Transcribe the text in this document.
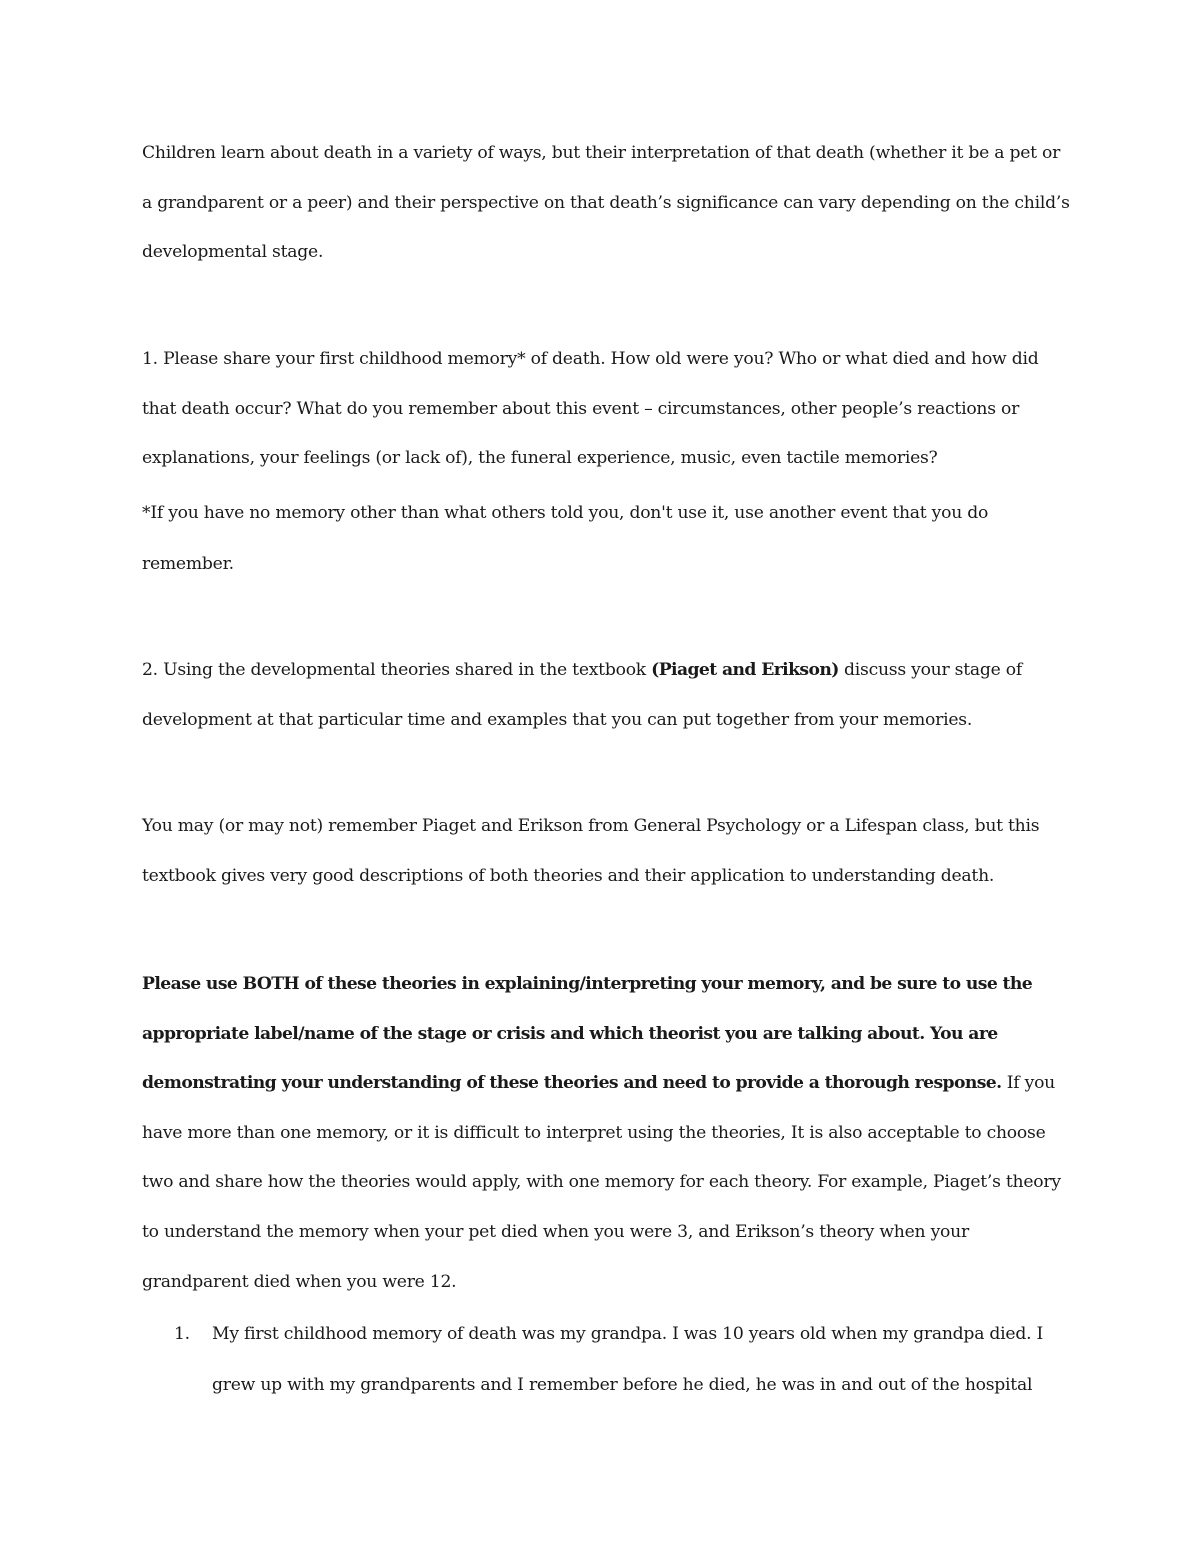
Children learn about death in a variety of ways, but their interpretation of that death (whether it be a pet or a grandparent or a peer) and their perspective on that death’s significance can vary depending on the child’s developmental stage.

1. Please share your first childhood memory* of death. How old were you? Who or what died and how did that death occur? What do you remember about this event – circumstances, other people’s reactions or explanations, your feelings (or lack of), the funeral experience, music, even tactile memories?

*If you have no memory other than what others told you, don't use it, use another event that you do remember.

2. Using the developmental theories shared in the textbook (Piaget and Erikson) discuss your stage of development at that particular time and examples that you can put together from your memories.

You may (or may not) remember Piaget and Erikson from General Psychology or a Lifespan class, but this textbook gives very good descriptions of both theories and their application to understanding death.

Please use BOTH of these theories in explaining/interpreting your memory, and be sure to use the appropriate label/name of the stage or crisis and which theorist you are talking about. You are demonstrating your understanding of these theories and need to provide a thorough response. If you have more than one memory, or it is difficult to interpret using the theories, It is also acceptable to choose two and share how the theories would apply, with one memory for each theory. For example, Piaget’s theory to understand the memory when your pet died when you were 3, and Erikson’s theory when your grandparent died when you were 12.

1. My first childhood memory of death was my grandpa. I was 10 years old when my grandpa died. I grew up with my grandparents and I remember before he died, he was in and out of the hospital
